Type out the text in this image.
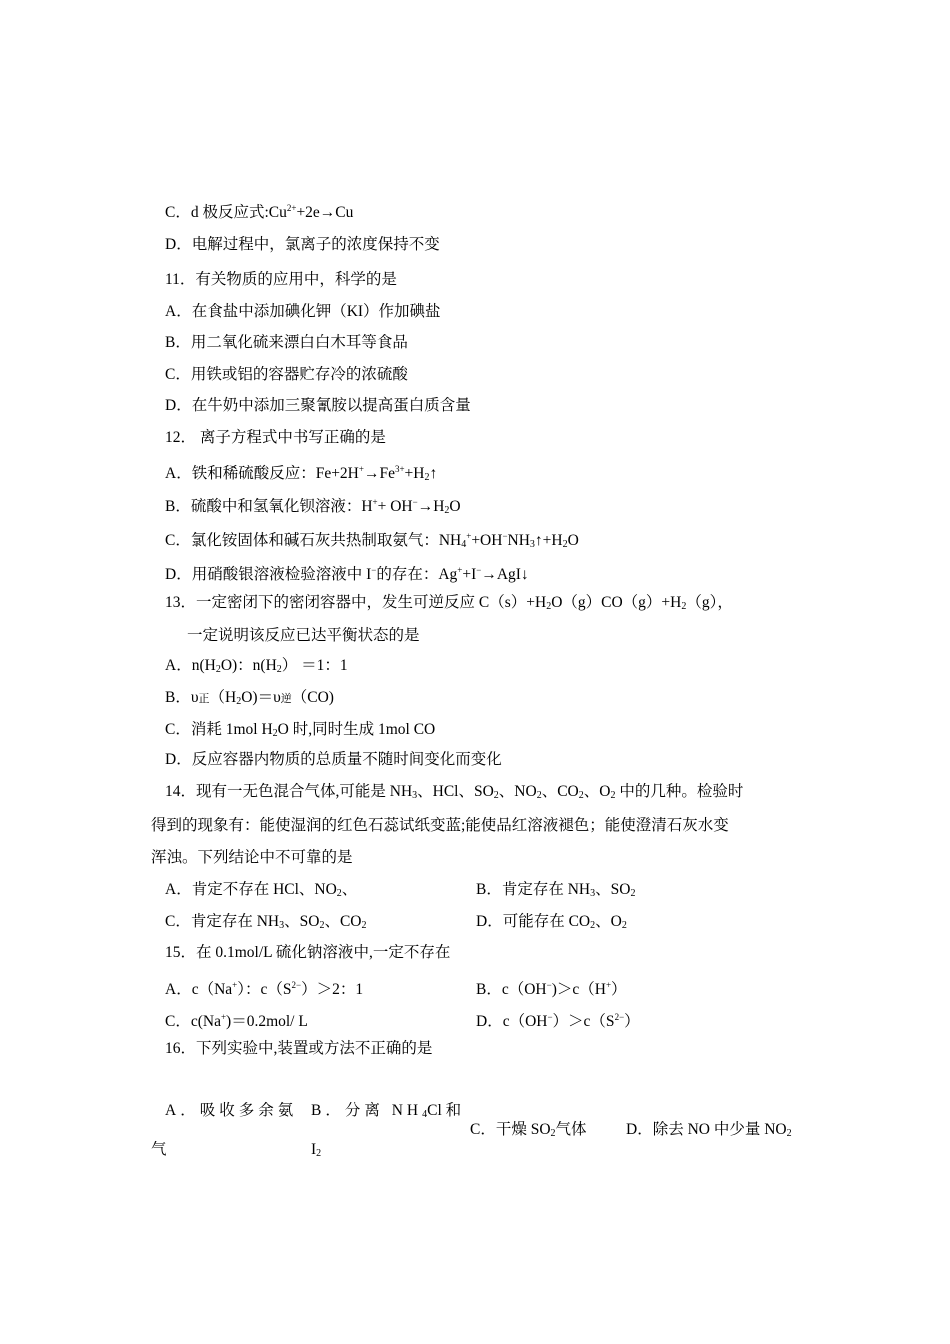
C．d 极反应式$:Cu^{2+}+2e\to Cu$
D．电解过程中，氯离子的浓度保持不变
11．有关物质的应用中，科学的是
A．在食盐中添加碘化钾（KI）作加碘盐
B．用二氧化硫来漂白白木耳等食品
C．用铁或铝的容器贮存冷的浓硫酸
D．在牛奶中添加三聚氰胺以提高蛋白质含量
12． 离子方程式中书写正确的是
A．铁和稀硫酸反应：$Fe+2H^+\to Fe^{3+}+H_2↑$
B．硫酸中和氢氧化钡溶液：$H^++ OH^-\to H_2O$
C．氯化铵固体和碱石灰共热制取氨气：$NH_4^++OH^-NH_3↑+H_2O$
D．用硝酸银溶液检验溶液中 I−的存在：Ag++I−→AgI↓
13．一定密闭下的密闭容器中，发生可逆反应 $C(s)+H_2O(g)CO(g)+H_2(g)$，
一定说明该反应已达平衡状态的是
A．$n(H_2O)$：$n(H_2) =1$：1
B．υ正$(H_2O)=\upsilon$逆（CO)
C．消耗 1mol $H_2O$ 时,同时生成 1mol CO
D．反应容器内物质的总质量不随时间变化而变化
14．现有一无色混合气体,可能是 $NH_3$、HCl、$SO_2$、$NO_2$、$CO_2$、$O_2$ 中的几种。检验时
得到的现象有：能使湿润的红色石蕊试纸变蓝;能使品红溶液褪色；能使澄清石灰水变
浑浊。下列结论中不可靠的是
A．肯定不存在 HCl、$NO_2$、	B．肯定存在 $NH_3$、$SO_2$
C．肯定存在 $NH_3$、$SO_2$、$CO_2$	D．可能存在 $CO_2$、$O_2$
15．在 0.1mol/L 硫化钠溶液中,一定不存在
A．c（Na+）：$c(S^{2-})>2$：1	B．c（OH−)＞c（H+）
C．c(Na+)＝0.2mol/ L	D．$c(OH^-)>c(S^{2-})$
16．下列实验中,装置或方法不正确的是
A．吸收多余氨
气
B．分离 $NH_4Cl$ 和
$I_2$
C．干燥 $SO_2$气体	D．除去 NO 中少量 $NO_2$
